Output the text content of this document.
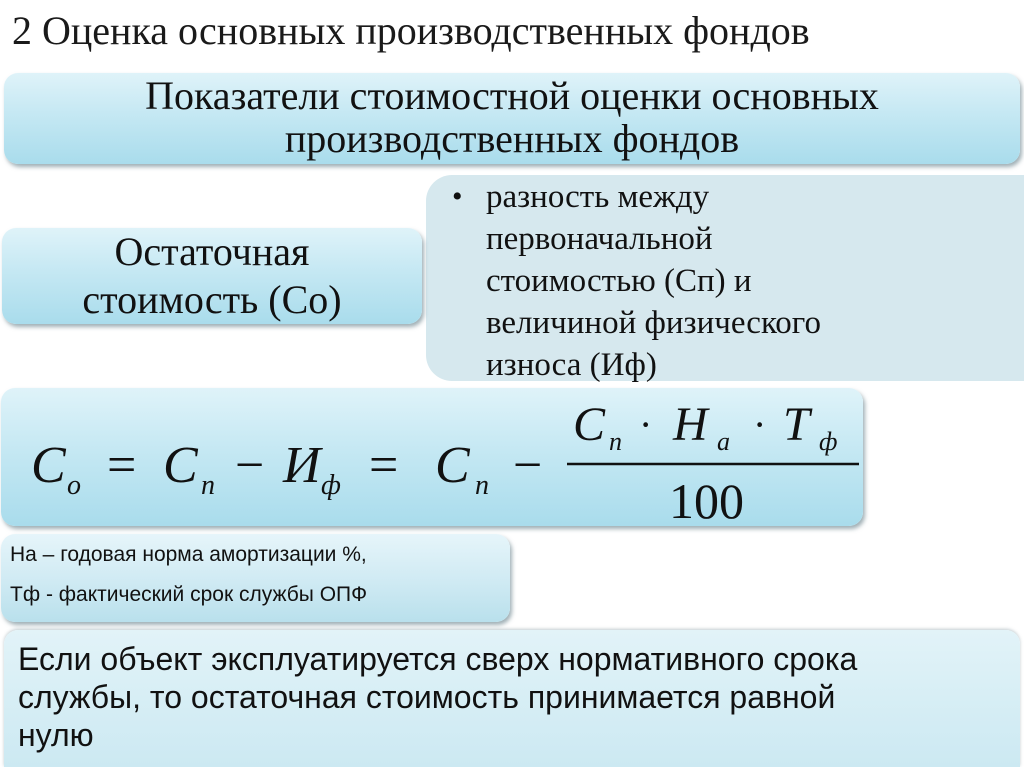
2 Оценка основных производственных фондов
Показатели стоимостной оценки основных
производственных фондов
• разность между
первоначальной
стоимостью (Сп) и
величиной физического
износа (Иф)
Остаточная
стоимость (Со)
C о = C п − И ф = C п −
C п · H а · T ф
100
На – годовая норма амортизации %,
Тф - фактический срок службы ОПФ
Если объект эксплуатируется сверх нормативного срока
службы, то остаточная стоимость принимается равной
нулю
